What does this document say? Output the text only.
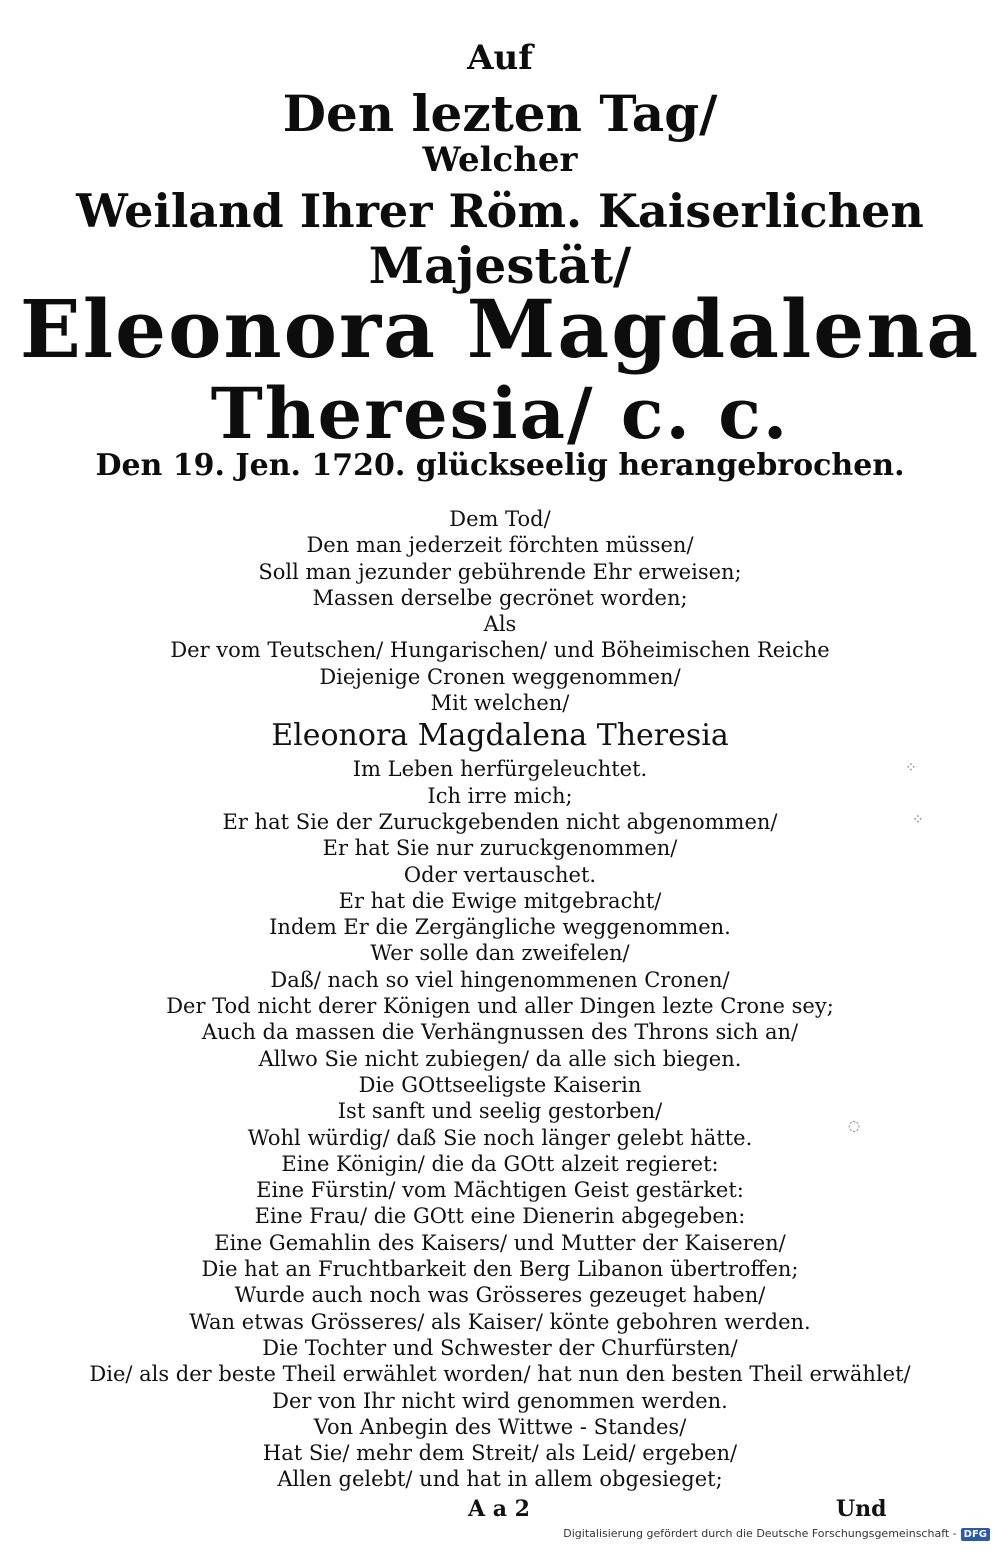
Auf
Den lezten Tag/
Welcher
Weiland Ihrer Röm. Kaiserlichen
Majestät/
Eleonora Magdalena
Theresia/ c. c.
Den 19. Jen. 1720. glückseelig herangebrochen.
Dem Tod/
Den man jederzeit förchten müssen/
Soll man jezunder gebührende Ehr erweisen;
Massen derselbe gecrönet worden;
Als
Der vom Teutschen/ Hungarischen/ und Böheimischen Reiche
Diejenige Cronen weggenommen/
Mit welchen/
Eleonora Magdalena Theresia
Im Leben herfürgeleuchtet.
Ich irre mich;
Er hat Sie der Zuruckgebenden nicht abgenommen/
Er hat Sie nur zuruckgenommen/
Oder vertauschet.
Er hat die Ewige mitgebracht/
Indem Er die Zergängliche weggenommen.
Wer solle dan zweifelen/
Daß/ nach so viel hingenommenen Cronen/
Der Tod nicht derer Königen und aller Dingen lezte Crone sey;
Auch da massen die Verhängnussen des Throns sich an/
Allwo Sie nicht zubiegen/ da alle sich biegen.
Die GOttseeligste Kaiserin
Ist sanft und seelig gestorben/
Wohl würdig/ daß Sie noch länger gelebt hätte.
Eine Königin/ die da GOtt alzeit regieret:
Eine Fürstin/ vom Mächtigen Geist gestärket:
Eine Frau/ die GOtt eine Dienerin abgegeben:
Eine Gemahlin des Kaisers/ und Mutter der Kaiseren/
Die hat an Fruchtbarkeit den Berg Libanon übertroffen;
Wurde auch noch was Grösseres gezeuget haben/
Wan etwas Grösseres/ als Kaiser/ könte gebohren werden.
Die Tochter und Schwester der Churfürsten/
Die/ als der beste Theil erwählet worden/ hat nun den besten Theil erwählet/
Der von Ihr nicht wird genommen werden.
Von Anbegin des Wittwe - Standes/
Hat Sie/ mehr dem Streit/ als Leid/ ergeben/
Allen gelebt/ und hat in allem obgesieget;
⁘
⁘
◌
A a 2	Und
Digitalisierung gefördert durch die Deutsche Forschungsgemeinschaft - DFG
